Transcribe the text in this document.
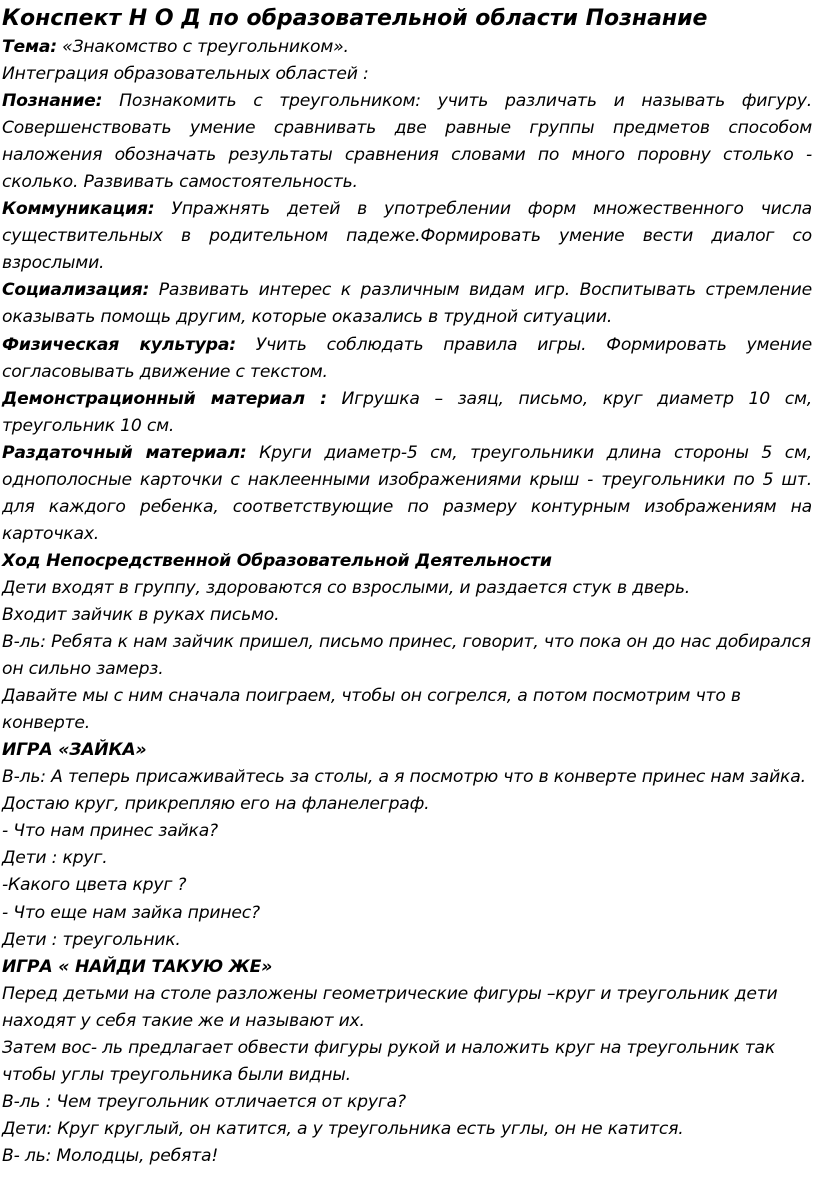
Конспект Н О Д по образовательной области Познание

Тема: «Знакомство с треугольником».

Интеграция образовательных областей :

Познание: Познакомить с треугольником: учить различать и называть фигуру. Совершенствовать умение сравнивать две равные группы предметов способом наложения обозначать результаты сравнения словами по много поровну столько - сколько. Развивать самостоятельность.

Коммуникация: Упражнять детей в употреблении форм множественного числа существительных в родительном падеже.Формировать умение вести диалог со взрослыми.

Социализация: Развивать интерес к различным видам игр. Воспитывать стремление оказывать помощь другим, которые оказались в трудной ситуации.

Физическая культура: Учить соблюдать правила игры. Формировать умение согласовывать движение с текстом.

Демонстрационный материал : Игрушка – заяц, письмо, круг диаметр 10 см, треугольник 10 см.

Раздаточный материал: Круги диаметр-5 см, треугольники длина стороны 5 см, однополосные карточки с наклеенными изображениями крыш - треугольники по 5 шт. для каждого ребенка, соответствующие по размеру контурным изображениям на карточках.

Ход Непосредственной Образовательной Деятельности

Дети входят в группу, здороваются со взрослыми, и раздается стук в дверь.

Входит зайчик в руках письмо.

В-ль: Ребята к нам зайчик пришел, письмо принес, говорит, что пока он до нас добирался он сильно замерз.

Давайте мы с ним сначала поиграем, чтобы он согрелся, а потом посмотрим что в конверте.

ИГРА «ЗАЙКА»

В-ль: А теперь присаживайтесь за столы, а я посмотрю что в конверте принес нам зайка. Достаю круг, прикрепляю его на фланелеграф.

- Что нам принес зайка?

Дети : круг.

-Какого цвета круг ?

- Что еще нам зайка принес?

Дети : треугольник.

ИГРА « НАЙДИ ТАКУЮ ЖЕ»

Перед детьми на столе разложены геометрические фигуры –круг и треугольник дети находят у себя такие же и называют их.

Затем вос- ль предлагает обвести фигуры рукой и наложить круг на треугольник так чтобы углы треугольника были видны.

В-ль : Чем треугольник отличается от круга?

Дети: Круг круглый, он катится, а у треугольника есть углы, он не катится.

В- ль: Молодцы, ребята!
